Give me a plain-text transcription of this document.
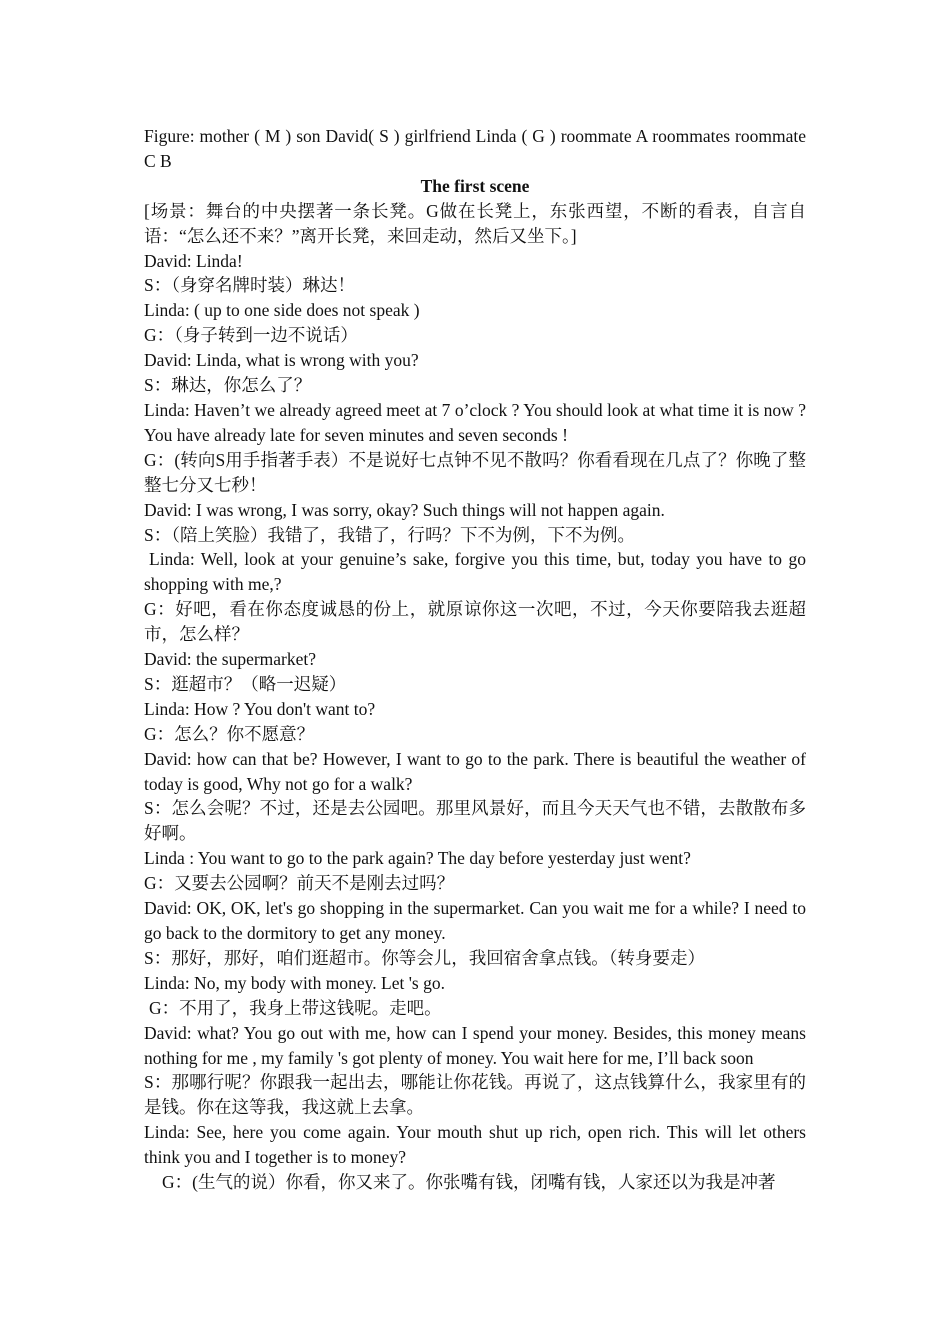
Figure: mother ( M ) son David( S ) girlfriend Linda ( G ) roommate A roommates roommate C B

The first scene

[场景：舞台的中央摆著一条长凳。G做在长凳上，东张西望，不断的看表，自言自语：“怎么还不来？”离开长凳，来回走动，然后又坐下。]

David: Linda!

S：（身穿名牌时装）琳达！

Linda: ( up to one side does not speak )

G：（身子转到一边不说话）

David: Linda, what is wrong with you?

S：琳达，你怎么了？

Linda: Haven’t we already agreed meet at 7 o’clock ? You should look at what time it is now ? You have already late for seven minutes and seven seconds !

G：(转向S用手指著手表）不是说好七点钟不见不散吗？你看看现在几点了？你晚了整整七分又七秒！

David: I was wrong, I was sorry, okay? Such things will not happen again.

S：（陪上笑脸）我错了，我错了，行吗？下不为例，下不为例。

Linda: Well, look at your genuine’s sake, forgive you this time, but, today you have to go shopping with me,?

G：好吧，看在你态度诚恳的份上，就原谅你这一次吧，不过，今天你要陪我去逛超市，怎么样？

David: the supermarket?

S：逛超市？（略一迟疑）

Linda: How ? You don't want to?

G：怎么？你不愿意？

David: how can that be? However, I want to go to the park. There is beautiful the weather of today is good, Why not go for a walk?

S：怎么会呢？不过，还是去公园吧。那里风景好，而且今天天气也不错，去散散布多好啊。

Linda : You want to go to the park again? The day before yesterday just went?

G：又要去公园啊？前天不是刚去过吗？

David: OK, OK, let's go shopping in the supermarket. Can you wait me for a while? I need to go back to the dormitory to get any money.

S：那好，那好，咱们逛超市。你等会儿，我回宿舍拿点钱。（转身要走）

Linda: No, my body with money. Let 's go.

G：不用了，我身上带这钱呢。走吧。

David: what? You go out with me, how can I spend your money. Besides, this money means nothing for me , my family 's got plenty of money. You wait here for me, I’ll back soon

S：那哪行呢？你跟我一起出去，哪能让你花钱。再说了，这点钱算什么，我家里有的是钱。你在这等我，我这就上去拿。

Linda: See, here you come again. Your mouth shut up rich, open rich. This will let others think you and I together is to money?

G：(生气的说）你看，你又来了。你张嘴有钱，闭嘴有钱，人家还以为我是冲著
